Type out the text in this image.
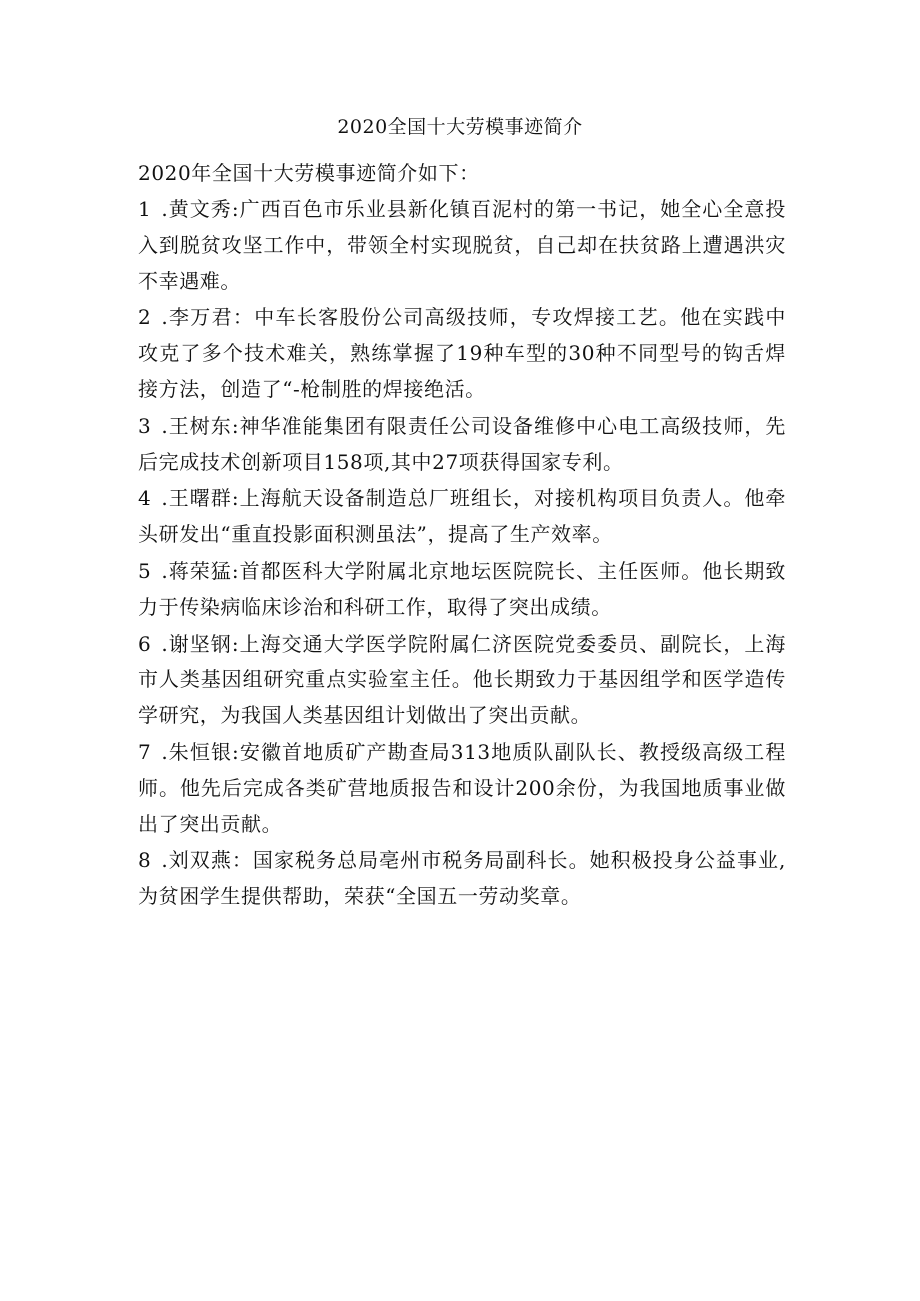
2020全国十大劳模事迹简介

2020年全国十大劳模事迹简介如下：

1 .黄文秀:广西百色市乐业县新化镇百泥村的第一书记，她全心全意投入到脱贫攻坚工作中，带领全村实现脱贫，自己却在扶贫路上遭遇洪灾不幸遇难。

2 .李万君：中车长客股份公司高级技师，专攻焊接工艺。他在实践中攻克了多个技术难关，熟练掌握了19种车型的30种不同型号的钩舌焊接方法，创造了“-枪制胜的焊接绝活。

3 .王树东:神华准能集团有限责任公司设备维修中心电工高级技师，先后完成技术创新项目158项,其中27项获得国家专利。

4 .王曙群:上海航天设备制造总厂班组长，对接机构项目负责人。他牵头研发出“重直投影面积测虽法”，提高了生产效率。

5 .蒋荣猛:首都医科大学附属北京地坛医院院长、主任医师。他长期致力于传染病临床诊治和科研工作，取得了突出成绩。

6 .谢坚钢:上海交通大学医学院附属仁济医院党委委员、副院长，上海市人类基因组研究重点实验室主任。他长期致力于基因组学和医学造传学研究，为我国人类基因组计划做出了突出贡献。

7 .朱恒银:安徽首地质矿产勘查局313地质队副队长、教授级高级工程师。他先后完成各类矿营地质报告和设计200余份，为我国地质事业做出了突出贡献。

8 .刘双燕：国家税务总局亳州市税务局副科长。她积极投身公益事业,为贫困学生提供帮助，荣获“全国五一劳动奖章。
